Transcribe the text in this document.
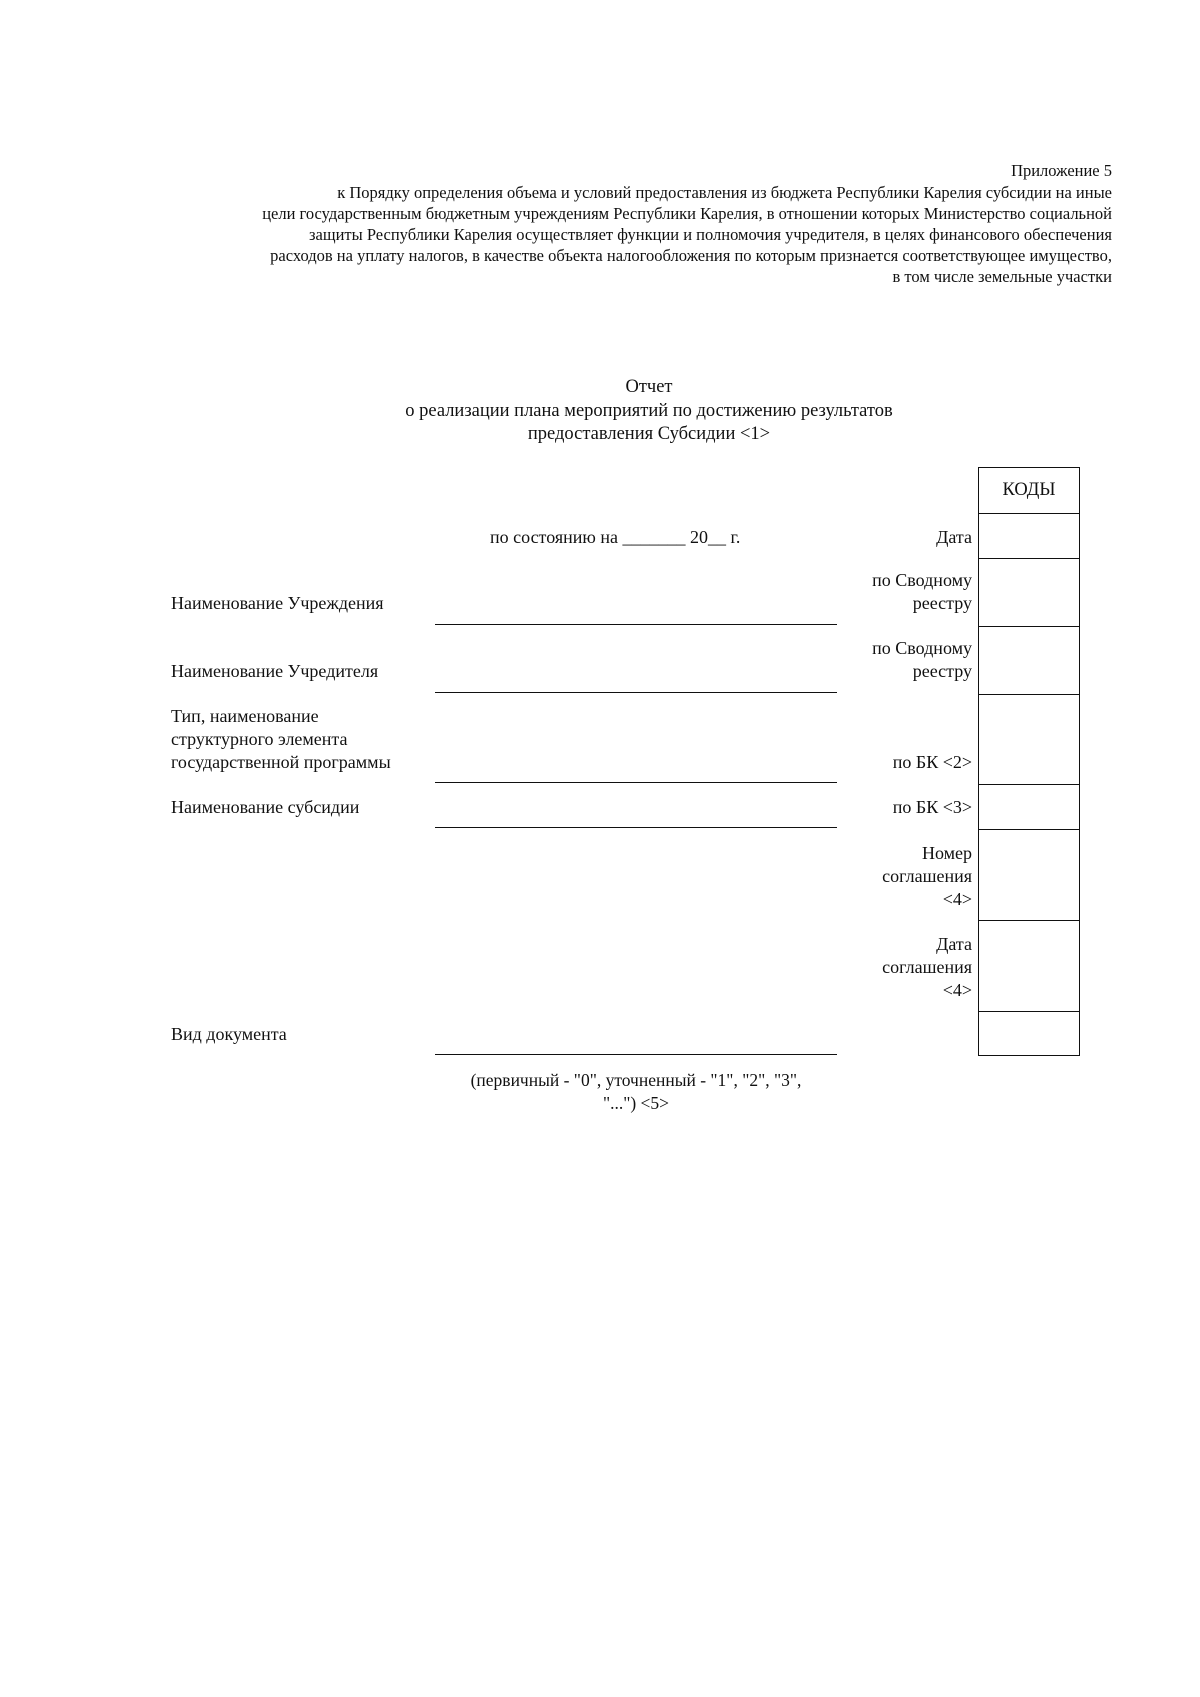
Приложение 5
к Порядку определения объема и условий предоставления из бюджета Республики Карелия субсидии на иные
цели государственным бюджетным учреждениям Республики Карелия, в отношении которых Министерство социальной
защиты Республики Карелия осуществляет функции и полномочия учредителя, в целях финансового обеспечения
расходов на уплату налогов, в качестве объекта налогообложения по которым признается соответствующее имущество,
в том числе земельные участки
Отчет
о реализации плана мероприятий по достижению результатов
предоставления Субсидии <1>
по состоянию на _______ 20__ г.
Наименование Учреждения
Наименование Учредителя
Тип, наименование
структурного элемента
государственной программы
Наименование субсидии
Вид документа
(первичный - "0", уточненный - "1", "2", "3",
"...") <5>
Дата
по Сводному
реестру
по Сводному
реестру
по БК <2>
по БК <3>
Номер
соглашения
<4>
Дата
соглашения
<4>
КОДЫ
